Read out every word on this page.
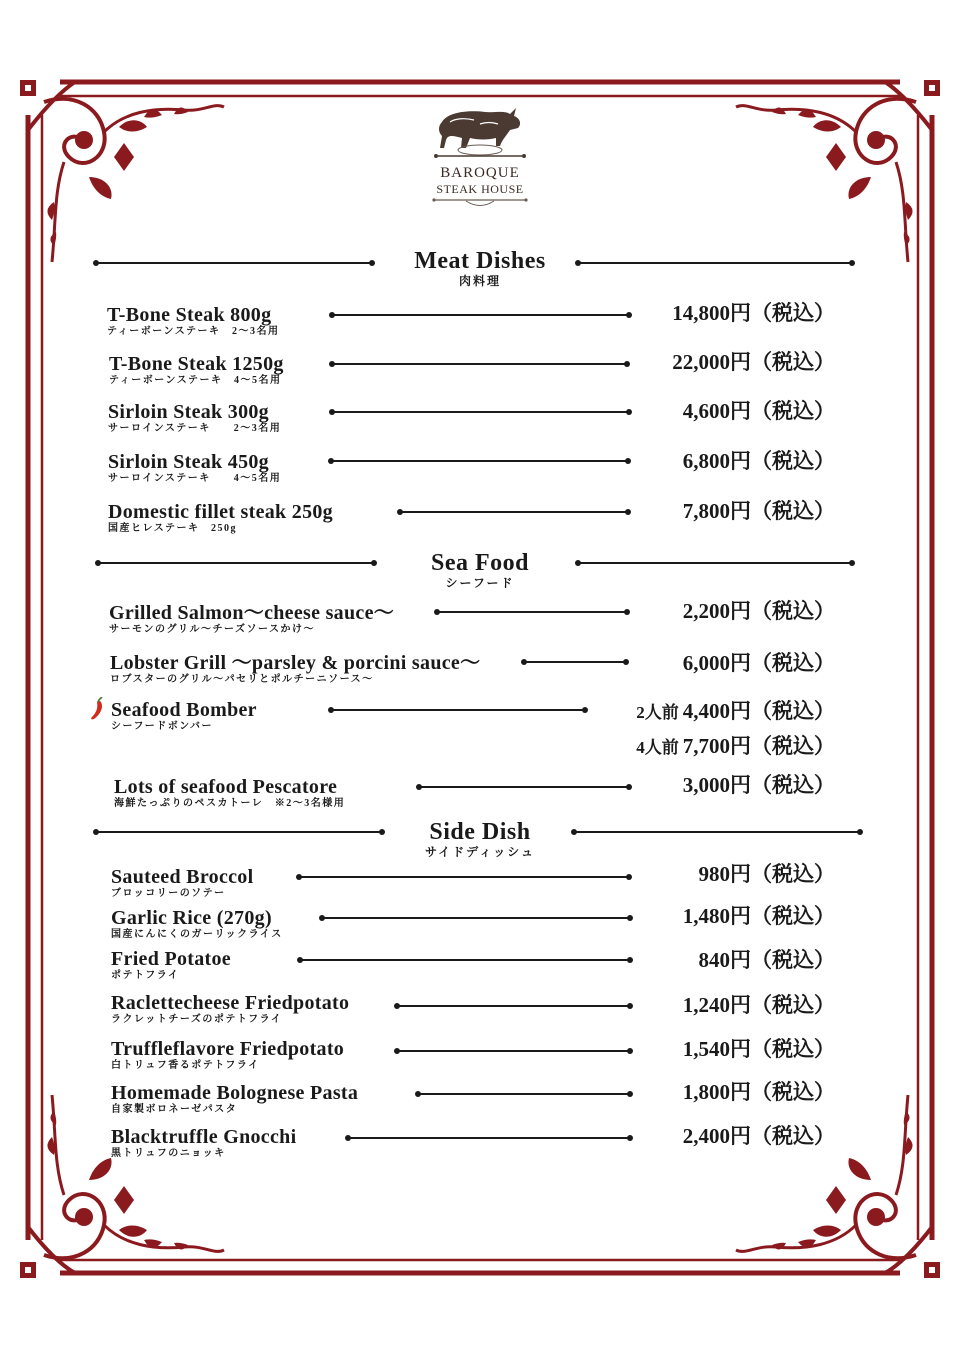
BAROQUE
STEAK HOUSE
Meat Dishes
肉料理
T-Bone Steak 800g
ティーボーンステーキ　2〜3名用
14,800円（税込）
T-Bone Steak 1250g
ティーボーンステーキ　4〜5名用
22,000円（税込）
Sirloin Steak 300g
サーロインステーキ　　2〜3名用
4,600円（税込）
Sirloin Steak 450g
サーロインステーキ　　4〜5名用
6,800円（税込）
Domestic fillet steak 250g
国産ヒレステーキ　250g
7,800円（税込）
Sea Food
シーフード
Grilled Salmon〜cheese sauce〜
サーモンのグリル〜チーズソースかけ〜
2,200円（税込）
Lobster Grill 〜parsley & porcini sauce〜
ロブスターのグリル〜パセリとポルチーニソース〜
6,000円（税込）
Seafood Bomber
シーフードボンバー
2人前 4,400円（税込）
4人前 7,700円（税込）
Lots of seafood Pescatore
海鮮たっぷりのペスカトーレ　※2〜3名様用
3,000円（税込）
Side Dish
サイドディッシュ
Sauteed Broccol
ブロッコリーのソテー
980円（税込）
Garlic Rice (270g)
国産にんにくのガーリックライス
1,480円（税込）
Fried Potatoe
ポテトフライ
840円（税込）
Raclettecheese Friedpotato
ラクレットチーズのポテトフライ
1,240円（税込）
Truffleflavore Friedpotato
白トリュフ香るポテトフライ
1,540円（税込）
Homemade Bolognese Pasta
自家製ボロネーゼパスタ
1,800円（税込）
Blacktruffle Gnocchi
黒トリュフのニョッキ
2,400円（税込）
